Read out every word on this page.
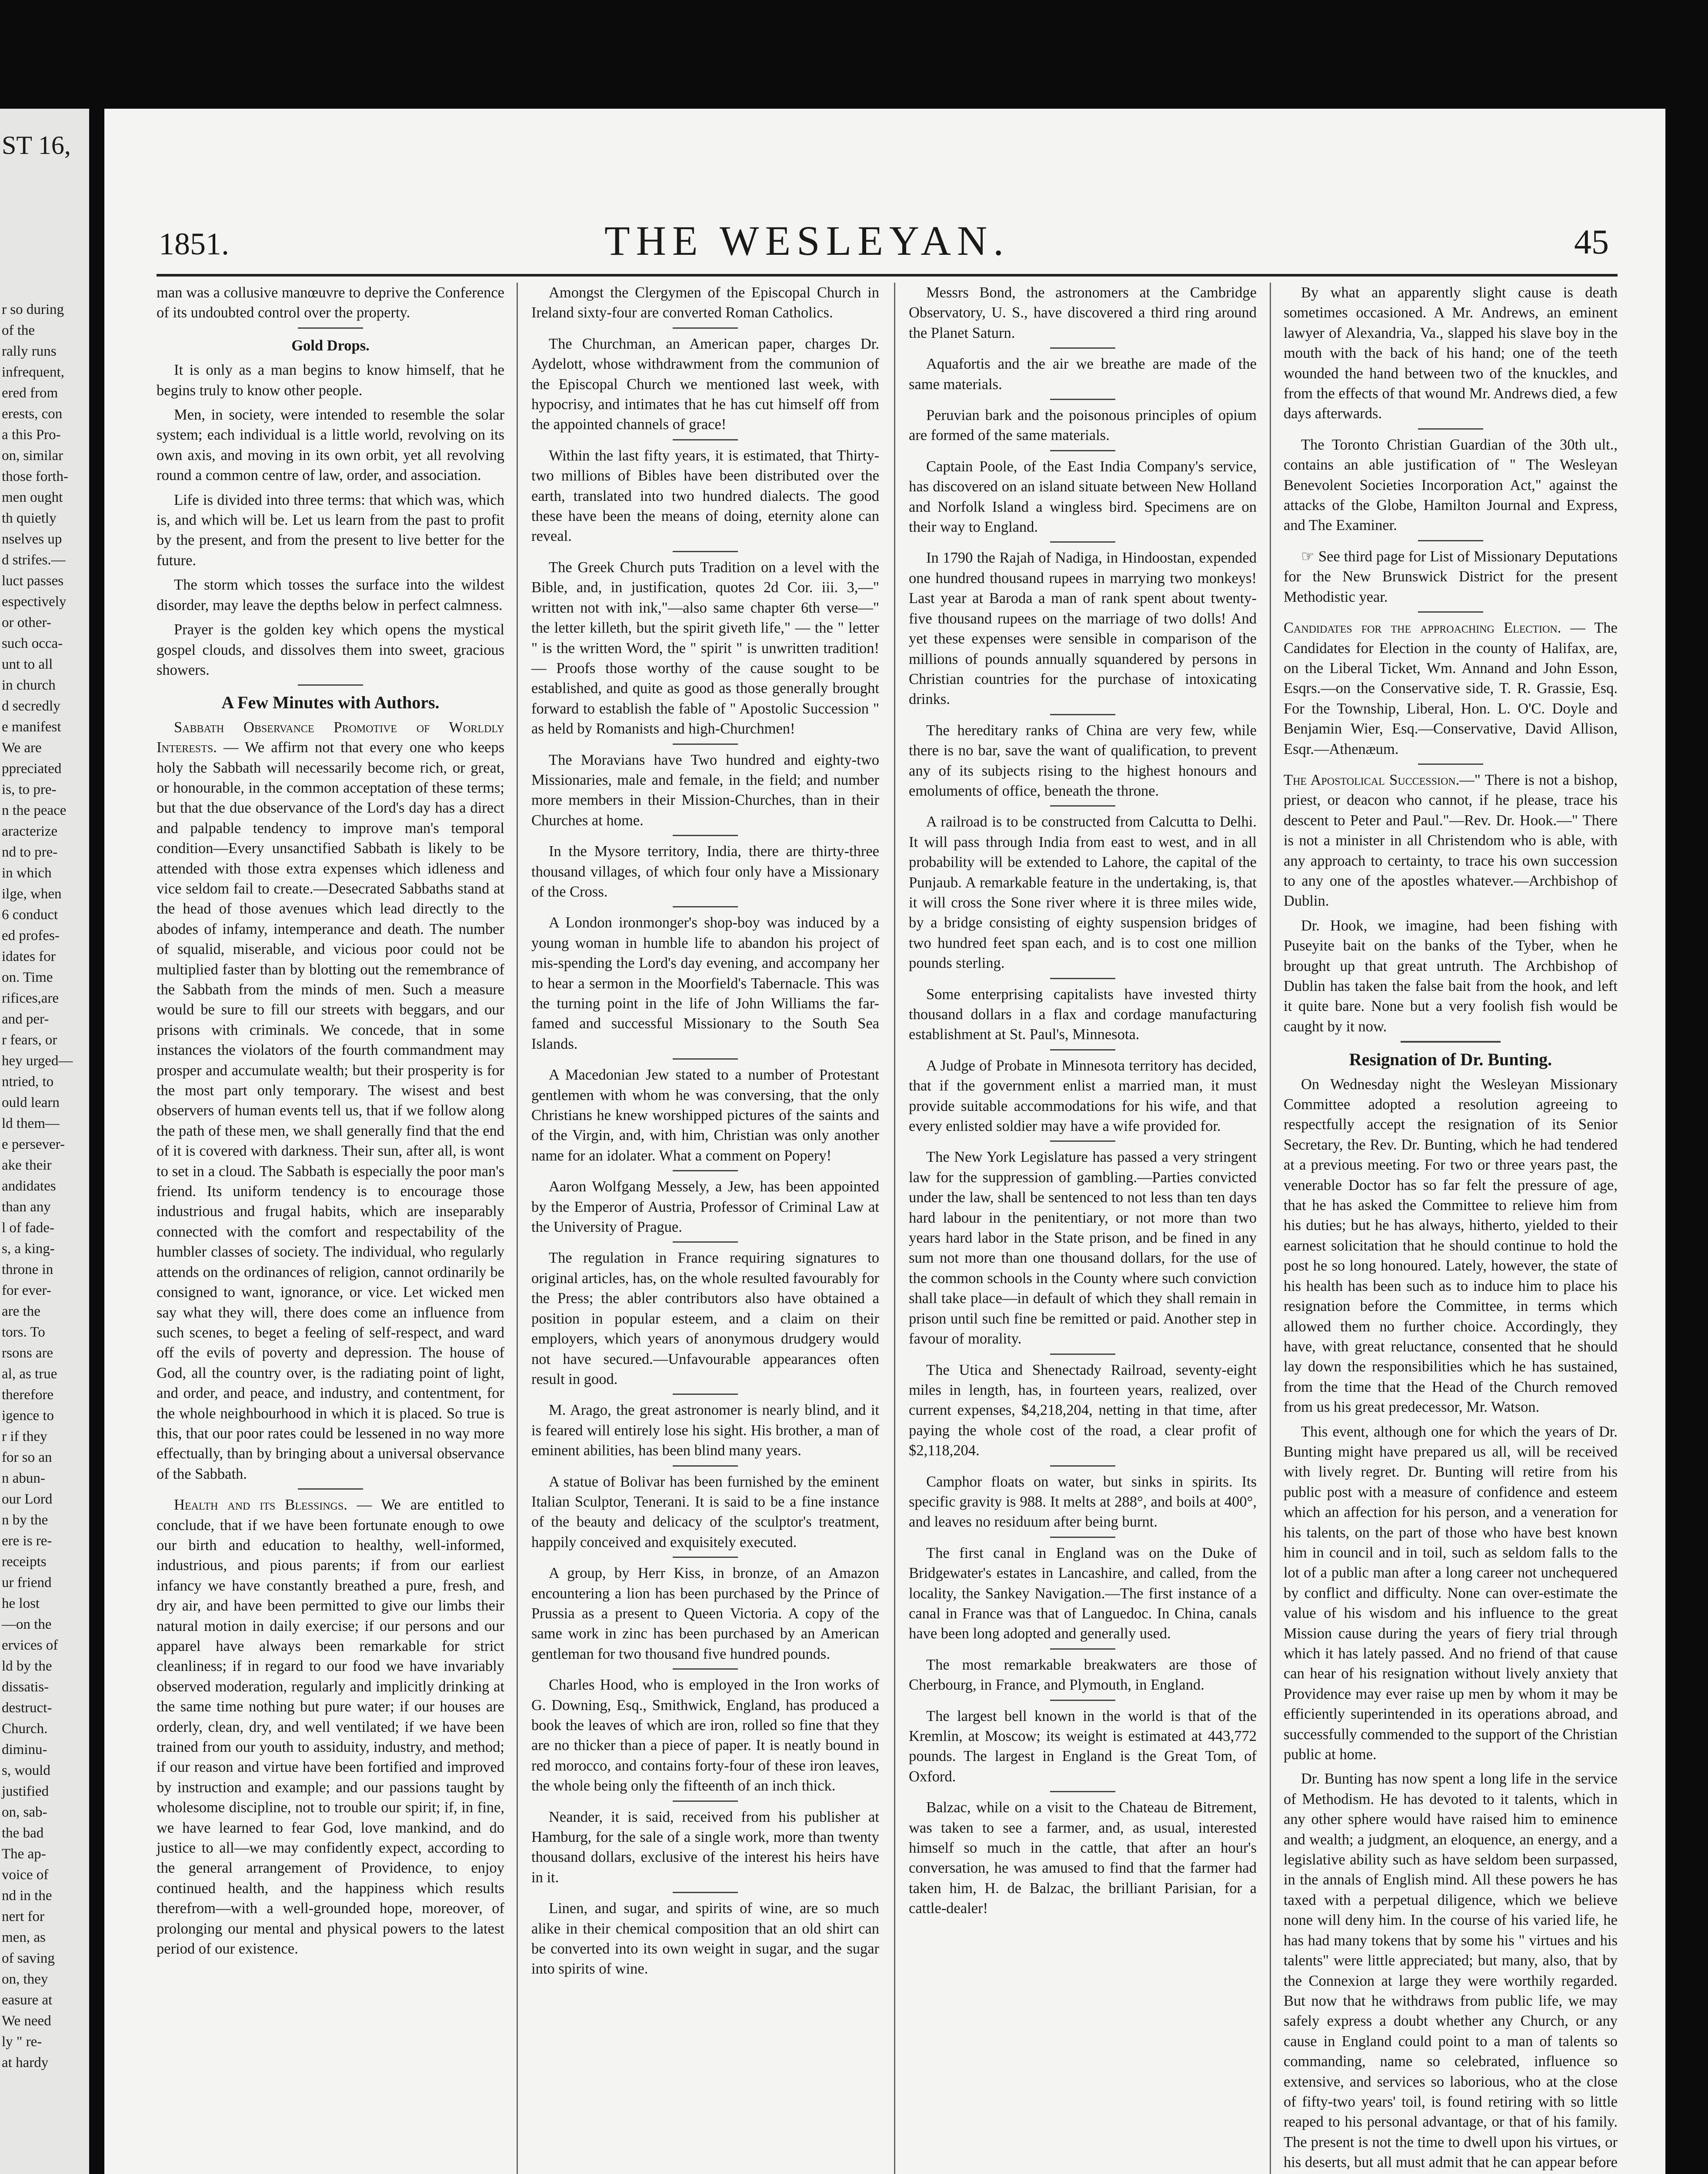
ST 16,
r so during
of the
rally runs
infrequent,
ered from
erests, con
a this Pro-
on, similar
those forth-
men ought
th quietly
nselves up
d strifes.—
luct passes
espectively
or other-
such occa-
unt to all
in church
d secredly
e manifest
We are
ppreciated
is, to pre-
n the peace
aracterize
nd to pre-
in which
ilge, when
6 conduct
ed profes-
idates for
on. Time
rifices,are
and per-
r fears, or
hey urged—
ntried, to
ould learn
ld them—
e persever-
ake their
andidates
than any
l of fade-
s, a king-
throne in
for ever-
are the
tors. To
rsons are
al, as true
therefore
igence to
r if they
for so an
n abun-
our Lord
n by the
ere is re-
receipts
ur friend
he lost
—on the
ervices of
ld by the
dissatis-
destruct-
Church.
diminu-
s, would
justified
on, sab-
the bad
The ap-
voice of
nd in the
nert for
men, as
of saving
on, they
easure at
We need
ly " re-
at hardy
1851.	THE WESLEYAN.	45

man was a collusive manœuvre to deprive the Conference of its undoubted control over the property.

Gold Drops.

It is only as a man begins to know himself, that he begins truly to know other people.

Men, in society, were intended to resemble the solar system; each individual is a little world, revolving on its own axis, and moving in its own orbit, yet all revolving round a common centre of law, order, and association.

Life is divided into three terms: that which was, which is, and which will be. Let us learn from the past to profit by the present, and from the present to live better for the future.

The storm which tosses the surface into the wildest disorder, may leave the depths below in perfect calmness.

Prayer is the golden key which opens the mystical gospel clouds, and dissolves them into sweet, gracious showers.

A Few Minutes with Authors.

Sabbath Observance Promotive of Worldly Interests. — We affirm not that every one who keeps holy the Sabbath will necessarily become rich, or great, or honourable, in the common acceptation of these terms; but that the due observance of the Lord's day has a direct and palpable tendency to improve man's temporal condition—Every unsanctified Sabbath is likely to be attended with those extra expenses which idleness and vice seldom fail to create.—Desecrated Sabbaths stand at the head of those avenues which lead directly to the abodes of infamy, intemperance and death. The number of squalid, miserable, and vicious poor could not be multiplied faster than by blotting out the remembrance of the Sabbath from the minds of men. Such a measure would be sure to fill our streets with beggars, and our prisons with criminals. We concede, that in some instances the violators of the fourth commandment may prosper and accumulate wealth; but their prosperity is for the most part only temporary. The wisest and best observers of human events tell us, that if we follow along the path of these men, we shall generally find that the end of it is covered with darkness. Their sun, after all, is wont to set in a cloud. The Sabbath is especially the poor man's friend. Its uniform tendency is to encourage those industrious and frugal habits, which are inseparably connected with the comfort and respectability of the humbler classes of society. The individual, who regularly attends on the ordinances of religion, cannot ordinarily be consigned to want, ignorance, or vice. Let wicked men say what they will, there does come an influence from such scenes, to beget a feeling of self-respect, and ward off the evils of poverty and depression. The house of God, all the country over, is the radiating point of light, and order, and peace, and industry, and contentment, for the whole neighbourhood in which it is placed. So true is this, that our poor rates could be lessened in no way more effectually, than by bringing about a universal observance of the Sabbath.

Health and its Blessings. — We are entitled to conclude, that if we have been fortunate enough to owe our birth and education to healthy, well-informed, industrious, and pious parents; if from our earliest infancy we have constantly breathed a pure, fresh, and dry air, and have been permitted to give our limbs their natural motion in daily exercise; if our persons and our apparel have always been remarkable for strict cleanliness; if in regard to our food we have invariably observed moderation, regularly and implicitly drinking at the same time nothing but pure water; if our houses are orderly, clean, dry, and well ventilated; if we have been trained from our youth to assiduity, industry, and method; if our reason and virtue have been fortified and improved by instruction and example; and our passions taught by wholesome discipline, not to trouble our spirit; if, in fine, we have learned to fear God, love mankind, and do justice to all—we may confidently expect, according to the general arrangement of Providence, to enjoy continued health, and the happiness which results therefrom—with a well-grounded hope, moreover, of prolonging our mental and physical powers to the latest period of our existence.

Amongst the Clergymen of the Episcopal Church in Ireland sixty-four are converted Roman Catholics.

The Churchman, an American paper, charges Dr. Aydelott, whose withdrawment from the communion of the Episcopal Church we mentioned last week, with hypocrisy, and intimates that he has cut himself off from the appointed channels of grace!

Within the last fifty years, it is estimated, that Thirty-two millions of Bibles have been distributed over the earth, translated into two hundred dialects. The good these have been the means of doing, eternity alone can reveal.

The Greek Church puts Tradition on a level with the Bible, and, in justification, quotes 2d Cor. iii. 3,—" written not with ink,"—also same chapter 6th verse—" the letter killeth, but the spirit giveth life," — the " letter " is the written Word, the " spirit " is unwritten tradition! — Proofs those worthy of the cause sought to be established, and quite as good as those generally brought forward to establish the fable of " Apostolic Succession " as held by Romanists and high-Churchmen!

The Moravians have Two hundred and eighty-two Missionaries, male and female, in the field; and number more members in their Mission-Churches, than in their Churches at home.

In the Mysore territory, India, there are thirty-three thousand villages, of which four only have a Missionary of the Cross.

A London ironmonger's shop-boy was induced by a young woman in humble life to abandon his project of mis-spending the Lord's day evening, and accompany her to hear a sermon in the Moorfield's Tabernacle. This was the turning point in the life of John Williams the far-famed and successful Missionary to the South Sea Islands.

A Macedonian Jew stated to a number of Protestant gentlemen with whom he was conversing, that the only Christians he knew worshipped pictures of the saints and of the Virgin, and, with him, Christian was only another name for an idolater. What a comment on Popery!

Aaron Wolfgang Messely, a Jew, has been appointed by the Emperor of Austria, Professor of Criminal Law at the University of Prague.

The regulation in France requiring signatures to original articles, has, on the whole resulted favourably for the Press; the abler contributors also have obtained a position in popular esteem, and a claim on their employers, which years of anonymous drudgery would not have secured.—Unfavourable appearances often result in good.

M. Arago, the great astronomer is nearly blind, and it is feared will entirely lose his sight. His brother, a man of eminent abilities, has been blind many years.

A statue of Bolivar has been furnished by the eminent Italian Sculptor, Tenerani. It is said to be a fine instance of the beauty and delicacy of the sculptor's treatment, happily conceived and exquisitely executed.

A group, by Herr Kiss, in bronze, of an Amazon encountering a lion has been purchased by the Prince of Prussia as a present to Queen Victoria. A copy of the same work in zinc has been purchased by an American gentleman for two thousand five hundred pounds.

Charles Hood, who is employed in the Iron works of G. Downing, Esq., Smithwick, England, has produced a book the leaves of which are iron, rolled so fine that they are no thicker than a piece of paper. It is neatly bound in red morocco, and contains forty-four of these iron leaves, the whole being only the fifteenth of an inch thick.

Neander, it is said, received from his publisher at Hamburg, for the sale of a single work, more than twenty thousand dollars, exclusive of the interest his heirs have in it.

Linen, and sugar, and spirits of wine, are so much alike in their chemical composition that an old shirt can be converted into its own weight in sugar, and the sugar into spirits of wine.

Messrs Bond, the astronomers at the Cambridge Observatory, U. S., have discovered a third ring around the Planet Saturn.

Aquafortis and the air we breathe are made of the same materials.

Peruvian bark and the poisonous principles of opium are formed of the same materials.

Captain Poole, of the East India Company's service, has discovered on an island situate between New Holland and Norfolk Island a wingless bird. Specimens are on their way to England.

In 1790 the Rajah of Nadiga, in Hindoostan, expended one hundred thousand rupees in marrying two monkeys! Last year at Baroda a man of rank spent about twenty-five thousand rupees on the marriage of two dolls! And yet these expenses were sensible in comparison of the millions of pounds annually squandered by persons in Christian countries for the purchase of intoxicating drinks.

The hereditary ranks of China are very few, while there is no bar, save the want of qualification, to prevent any of its subjects rising to the highest honours and emoluments of office, beneath the throne.

A railroad is to be constructed from Calcutta to Delhi. It will pass through India from east to west, and in all probability will be extended to Lahore, the capital of the Punjaub. A remarkable feature in the undertaking, is, that it will cross the Sone river where it is three miles wide, by a bridge consisting of eighty suspension bridges of two hundred feet span each, and is to cost one million pounds sterling.

Some enterprising capitalists have invested thirty thousand dollars in a flax and cordage manufacturing establishment at St. Paul's, Minnesota.

A Judge of Probate in Minnesota territory has decided, that if the government enlist a married man, it must provide suitable accommodations for his wife, and that every enlisted soldier may have a wife provided for.

The New York Legislature has passed a very stringent law for the suppression of gambling.—Parties convicted under the law, shall be sentenced to not less than ten days hard labour in the penitentiary, or not more than two years hard labor in the State prison, and be fined in any sum not more than one thousand dollars, for the use of the common schools in the County where such conviction shall take place—in default of which they shall remain in prison until such fine be remitted or paid. Another step in favour of morality.

The Utica and Shenectady Railroad, seventy-eight miles in length, has, in fourteen years, realized, over current expenses, $4,218,204, netting in that time, after paying the whole cost of the road, a clear profit of $2,118,204.

Camphor floats on water, but sinks in spirits. Its specific gravity is 988. It melts at 288°, and boils at 400°, and leaves no residuum after being burnt.

The first canal in England was on the Duke of Bridgewater's estates in Lancashire, and called, from the locality, the Sankey Navigation.—The first instance of a canal in France was that of Languedoc. In China, canals have been long adopted and generally used.

The most remarkable breakwaters are those of Cherbourg, in France, and Plymouth, in England.

The largest bell known in the world is that of the Kremlin, at Moscow; its weight is estimated at 443,772 pounds. The largest in England is the Great Tom, of Oxford.

Balzac, while on a visit to the Chateau de Bitrement, was taken to see a farmer, and, as usual, interested himself so much in the cattle, that after an hour's conversation, he was amused to find that the farmer had taken him, H. de Balzac, the brilliant Parisian, for a cattle-dealer!

By what an apparently slight cause is death sometimes occasioned. A Mr. Andrews, an eminent lawyer of Alexandria, Va., slapped his slave boy in the mouth with the back of his hand; one of the teeth wounded the hand between two of the knuckles, and from the effects of that wound Mr. Andrews died, a few days afterwards.

The Toronto Christian Guardian of the 30th ult., contains an able justification of " The Wesleyan Benevolent Societies Incorporation Act," against the attacks of the Globe, Hamilton Journal and Express, and The Examiner.

☞ See third page for List of Missionary Deputations for the New Brunswick District for the present Methodistic year.

Candidates for the approaching Election. — The Candidates for Election in the county of Halifax, are, on the Liberal Ticket, Wm. Annand and John Esson, Esqrs.—on the Conservative side, T. R. Grassie, Esq. For the Township, Liberal, Hon. L. O'C. Doyle and Benjamin Wier, Esq.—Conservative, David Allison, Esqr.—Athenæum.

The Apostolical Succession.—" There is not a bishop, priest, or deacon who cannot, if he please, trace his descent to Peter and Paul."—Rev. Dr. Hook.—" There is not a minister in all Christendom who is able, with any approach to certainty, to trace his own succession to any one of the apostles whatever.—Archbishop of Dublin.

Dr. Hook, we imagine, had been fishing with Puseyite bait on the banks of the Tyber, when he brought up that great untruth. The Archbishop of Dublin has taken the false bait from the hook, and left it quite bare. None but a very foolish fish would be caught by it now.

Resignation of Dr. Bunting.

On Wednesday night the Wesleyan Missionary Committee adopted a resolution agreeing to respectfully accept the resignation of its Senior Secretary, the Rev. Dr. Bunting, which he had tendered at a previous meeting. For two or three years past, the venerable Doctor has so far felt the pressure of age, that he has asked the Committee to relieve him from his duties; but he has always, hitherto, yielded to their earnest solicitation that he should continue to hold the post he so long honoured. Lately, however, the state of his health has been such as to induce him to place his resignation before the Committee, in terms which allowed them no further choice. Accordingly, they have, with great reluctance, consented that he should lay down the responsibilities which he has sustained, from the time that the Head of the Church removed from us his great predecessor, Mr. Watson.

This event, although one for which the years of Dr. Bunting might have prepared us all, will be received with lively regret. Dr. Bunting will retire from his public post with a measure of confidence and esteem which an affection for his person, and a veneration for his talents, on the part of those who have best known him in council and in toil, such as seldom falls to the lot of a public man after a long career not unchequered by conflict and difficulty. None can over-estimate the value of his wisdom and his influence to the great Mission cause during the years of fiery trial through which it has lately passed. And no friend of that cause can hear of his resignation without lively anxiety that Providence may ever raise up men by whom it may be efficiently superintended in its operations abroad, and successfully commended to the support of the Christian public at home.

Dr. Bunting has now spent a long life in the service of Methodism. He has devoted to it talents, which in any other sphere would have raised him to eminence and wealth; a judgment, an eloquence, an energy, and a legislative ability such as have seldom been surpassed, in the annals of English mind. All these powers he has taxed with a perpetual diligence, which we believe none will deny him. In the course of his varied life, he has had many tokens that by some his " virtues and his talents" were little appreciated; but many, also, that by the Connexion at large they were worthily regarded. But now that he withdraws from public life, we may safely express a doubt whether any Church, or any cause in England could point to a man of talents so commanding, name so celebrated, influence so extensive, and services so laborious, who at the close of fifty-two years' toil, is found retiring with so little reaped to his personal advantage, or that of his family. The present is not the time to dwell upon his virtues, or his deserts, but all must admit that he can appear before
